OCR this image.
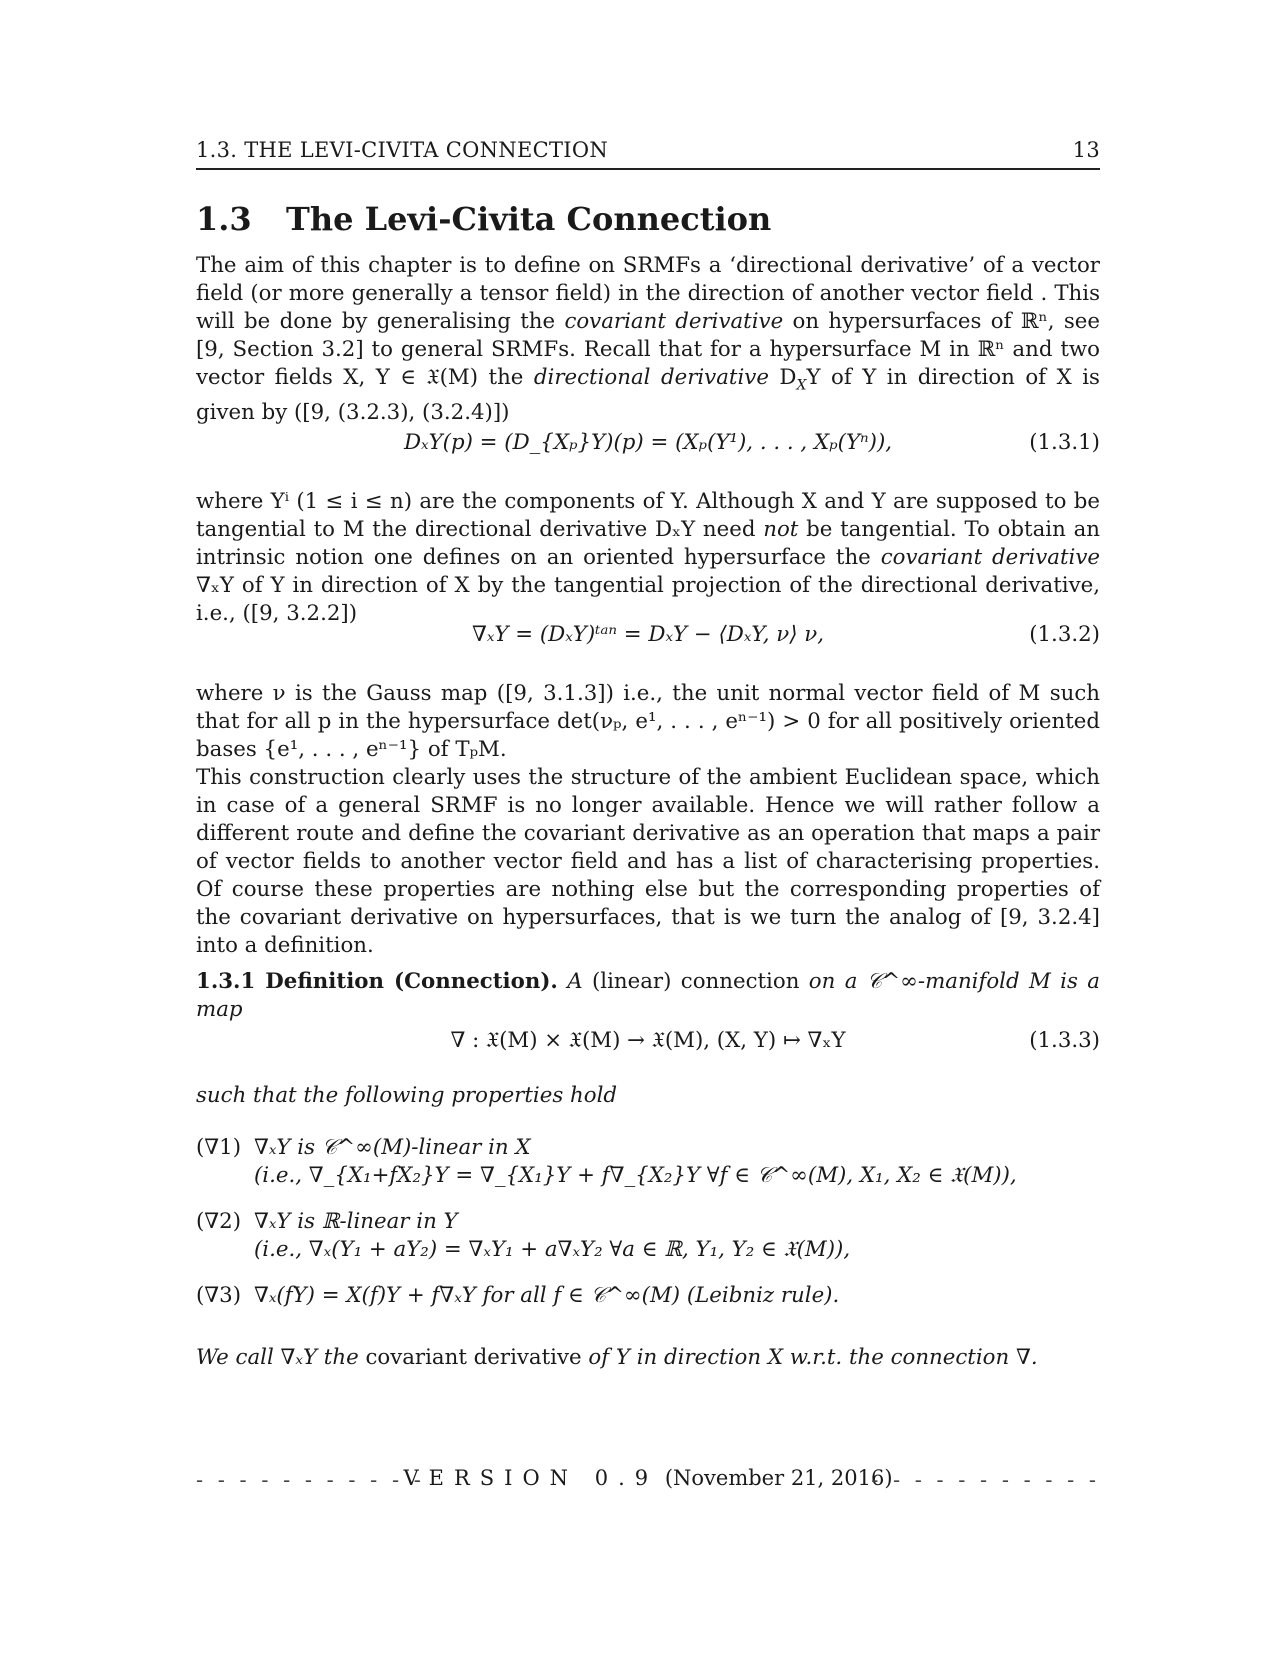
1.3. THE LEVI-CIVITA CONNECTION	13
1.3 The Levi-Civita Connection
The aim of this chapter is to define on SRMFs a ‘directional derivative’ of a vector field (or more generally a tensor field) in the direction of another vector field . This will be done by generalising the covariant derivative on hypersurfaces of ℝⁿ, see [9, Section 3.2] to general SRMFs. Recall that for a hypersurface M in ℝⁿ and two vector fields X, Y ∈ 𝔛(M) the directional derivative $D_XY$ of Y in direction of X is given by ([9, (3.2.3), (3.2.4)])
DₓY(p) = (D_{Xₚ}Y)(p) = (Xₚ(Y¹), . . . , Xₚ(Yⁿ)),	(1.3.1)
where Yⁱ (1 ≤ i ≤ n) are the components of Y. Although X and Y are supposed to be tangential to M the directional derivative DₓY need not be tangential. To obtain an intrinsic notion one defines on an oriented hypersurface the covariant derivative ∇ₓY of Y in direction of X by the tangential projection of the directional derivative, i.e., ([9, 3.2.2])
∇ₓY = (DₓY)ᵗᵃⁿ = DₓY − ⟨DₓY, ν⟩ ν,	(1.3.2)
where ν is the Gauss map ([9, 3.1.3]) i.e., the unit normal vector field of M such that for all p in the hypersurface det(νₚ, e¹, . . . , eⁿ⁻¹) > 0 for all positively oriented bases {e¹, . . . , eⁿ⁻¹} of TₚM.
This construction clearly uses the structure of the ambient Euclidean space, which in case of a general SRMF is no longer available. Hence we will rather follow a different route and define the covariant derivative as an operation that maps a pair of vector fields to another vector field and has a list of characterising properties. Of course these properties are nothing else but the corresponding properties of the covariant derivative on hypersurfaces, that is we turn the analog of [9, 3.2.4] into a definition.
1.3.1 Definition (Connection). A (linear) connection on a 𝒞^∞-manifold M is a map
∇ : 𝔛(M) × 𝔛(M) → 𝔛(M), (X, Y) ↦ ∇ₓY	(1.3.3)
such that the following properties hold
(∇1) ∇ₓY is 𝒞^∞(M)-linear in X
(i.e., ∇_{X₁+fX₂}Y = ∇_{X₁}Y + f∇_{X₂}Y ∀f ∈ 𝒞^∞(M), X₁, X₂ ∈ 𝔛(M)),
(∇2) ∇ₓY is ℝ-linear in Y
(i.e., ∇ₓ(Y₁ + aY₂) = ∇ₓY₁ + a∇ₓY₂ ∀a ∈ ℝ, Y₁, Y₂ ∈ 𝔛(M)),
(∇3) ∇ₓ(fY) = X(f)Y + f∇ₓY for all f ∈ 𝒞^∞(M) (Leibniz rule).
We call ∇ₓY the covariant derivative of Y in direction X w.r.t. the connection ∇.
- - - - - - - - - - -
VERSION 0.9 (November 21, 2016)
- - - - - - - - - - -
